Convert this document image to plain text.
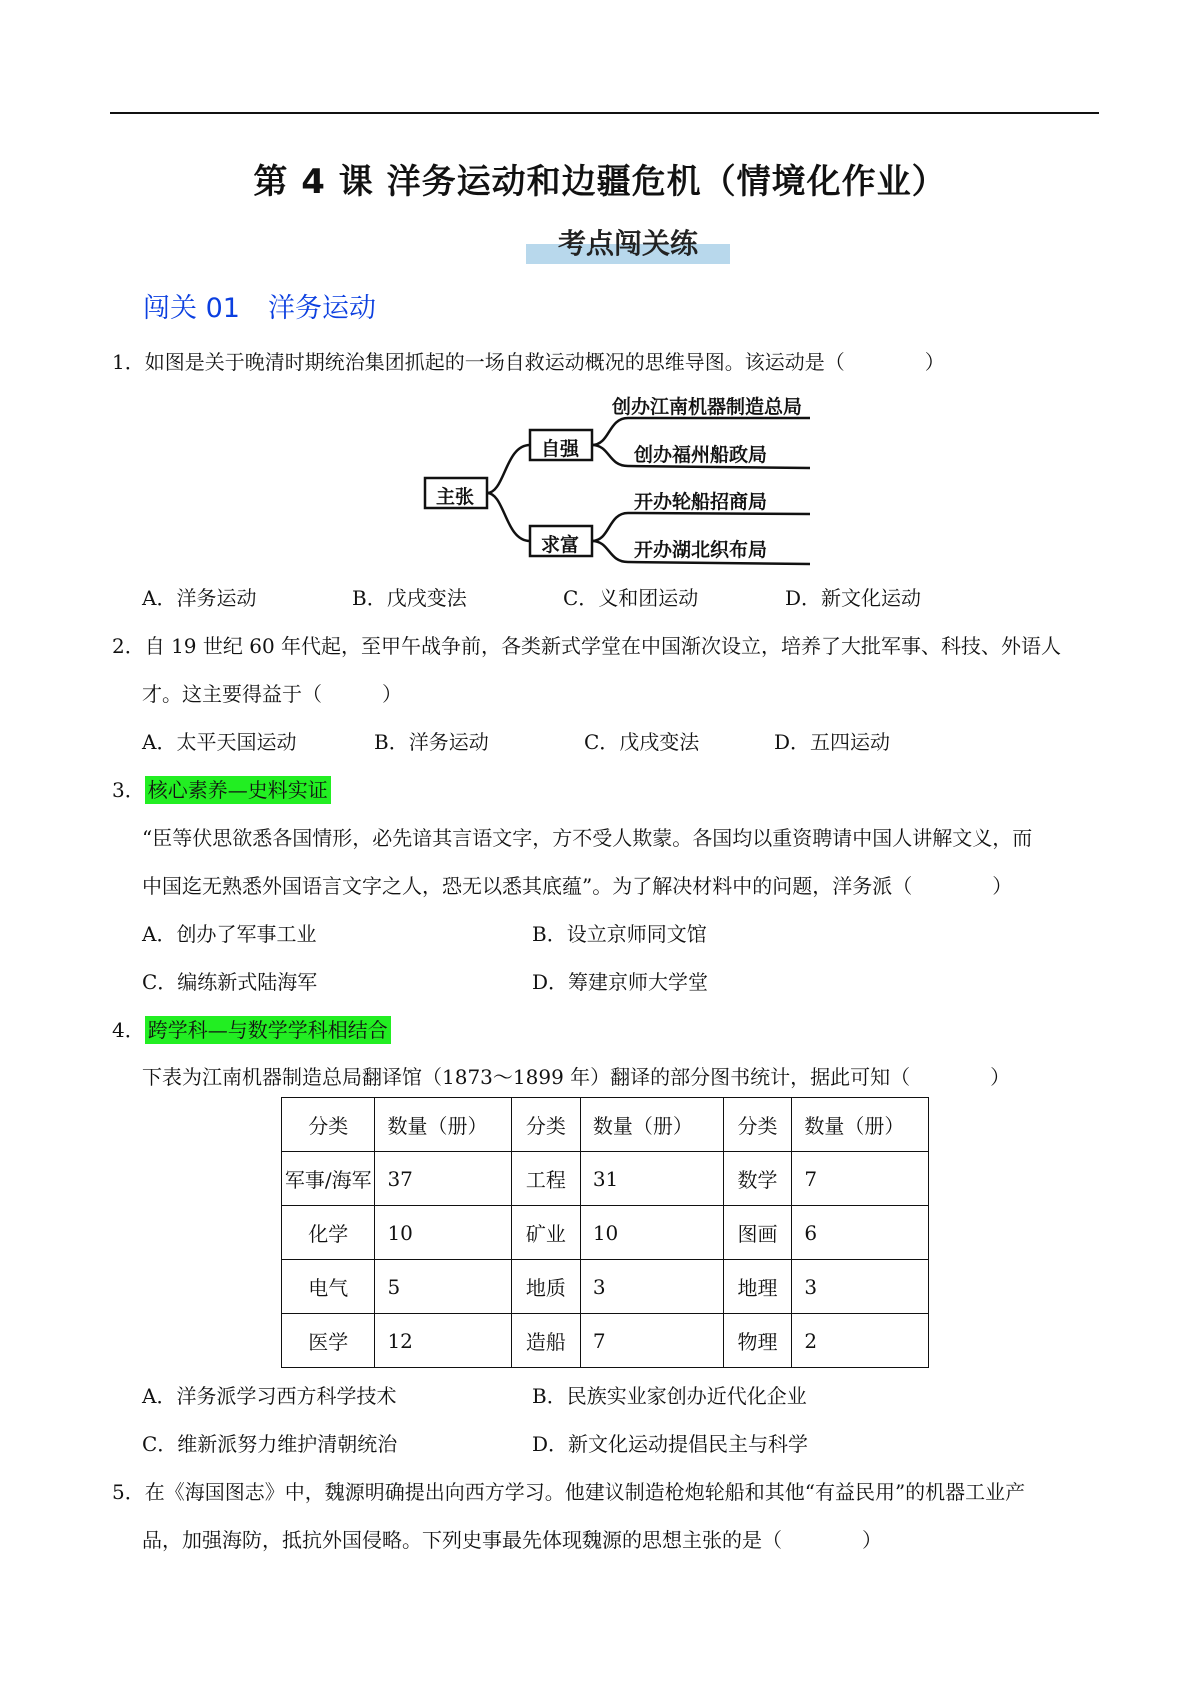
第 4 课 洋务运动和边疆危机（情境化作业）
考点闯关练
闯关 01 洋务运动
1．如图是关于晚清时期统治集团抓起的一场自救运动概况的思维导图。该运动是（　　　　）
主张
自强
求富
创办江南机器制造总局
创办福州船政局
开办轮船招商局
开办湖北织布局
A．洋务运动	B．戊戌变法	C．义和团运动	D．新文化运动
2．自 19 世纪 60 年代起，至甲午战争前，各类新式学堂在中国渐次设立，培养了大批军事、科技、外语人
才。这主要得益于（　　　）
A．太平天国运动	B．洋务运动	C．戊戌变法	D．五四运动
3． 核心素养—史料实证
“臣等伏思欲悉各国情形，必先谙其言语文字，方不受人欺蒙。各国均以重资聘请中国人讲解文义，而
中国迄无熟悉外国语言文字之人，恐无以悉其底蕴”。为了解决材料中的问题，洋务派（　　　　）
A．创办了军事工业	B．设立京师同文馆
C．编练新式陆海军	D．筹建京师大学堂
4． 跨学科—与数学学科相结合
下表为江南机器制造总局翻译馆（1873～1899 年）翻译的部分图书统计，据此可知（　　　　）
分类	数量（册）	分类	数量（册）	分类	数量（册）
军事/海军	37	工程	31	数学	7
化学	10	矿业	10	图画	6
电气	5	地质	3	地理	3
医学	12	造船	7	物理	2
A．洋务派学习西方科学技术	B．民族实业家创办近代化企业
C．维新派努力维护清朝统治	D．新文化运动提倡民主与科学
5．在《海国图志》中，魏源明确提出向西方学习。他建议制造枪炮轮船和其他“有益民用”的机器工业产
品，加强海防，抵抗外国侵略。下列史事最先体现魏源的思想主张的是（　　　　）
